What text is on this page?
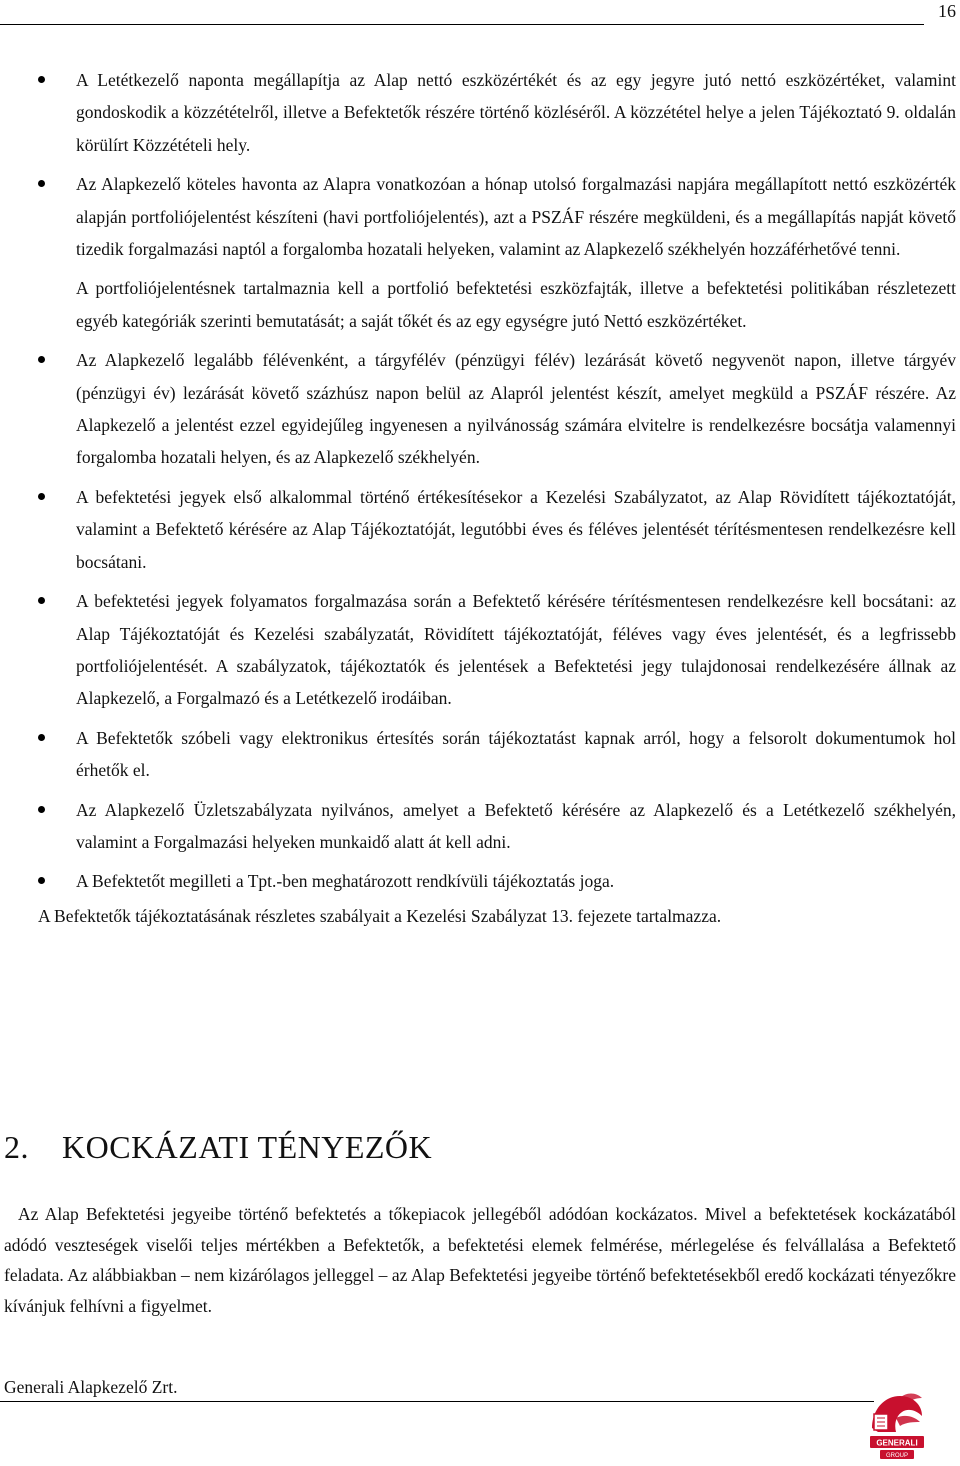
16

A Letétkezelő naponta megállapítja az Alap nettó eszközértékét és az egy jegyre jutó nettó eszközértéket, valamint gondoskodik a közzétételről, illetve a Befektetők részére történő közléséről. A közzététel helye a jelen Tájékoztató 9. oldalán körülírt Közzétételi hely.

Az Alapkezelő köteles havonta az Alapra vonatkozóan a hónap utolsó forgalmazási napjára megállapított nettó eszközérték alapján portfoliójelentést készíteni (havi portfoliójelentés), azt a PSZÁF részére megküldeni, és a megállapítás napját követő tizedik forgalmazási naptól a forgalomba hozatali helyeken, valamint az Alapkezelő székhelyén hozzáférhetővé tenni.

A portfoliójelentésnek tartalmaznia kell a portfolió befektetési eszközfajták, illetve a befektetési politikában részletezett egyéb kategóriák szerinti bemutatását; a saját tőkét és az egy egységre jutó Nettó eszközértéket.

Az Alapkezelő legalább félévenként, a tárgyfélév (pénzügyi félév) lezárását követő negyvenöt napon, illetve tárgyév (pénzügyi év) lezárását követő százhúsz napon belül az Alapról jelentést készít, amelyet megküld a PSZÁF részére. Az Alapkezelő a jelentést ezzel egyidejűleg ingyenesen a nyilvánosság számára elvitelre is rendelkezésre bocsátja valamennyi forgalomba hozatali helyen, és az Alapkezelő székhelyén.

A befektetési jegyek első alkalommal történő értékesítésekor a Kezelési Szabályzatot, az Alap Rövidített tájékoztatóját, valamint a Befektető kérésére az Alap Tájékoztatóját, legutóbbi éves és féléves jelentését térítésmentesen rendelkezésre kell bocsátani.

A befektetési jegyek folyamatos forgalmazása során a Befektető kérésére térítésmentesen rendelkezésre kell bocsátani: az Alap Tájékoztatóját és Kezelési szabályzatát, Rövidített tájékoztatóját, féléves vagy éves jelentését, és a legfrissebb portfoliójelentését. A szabályzatok, tájékoztatók és jelentések a Befektetési jegy tulajdonosai rendelkezésére állnak az Alapkezelő, a Forgalmazó és a Letétkezelő irodáiban.

A Befektetők szóbeli vagy elektronikus értesítés során tájékoztatást kapnak arról, hogy a felsorolt dokumentumok hol érhetők el.

Az Alapkezelő Üzletszabályzata nyilvános, amelyet a Befektető kérésére az Alapkezelő és a Letétkezelő székhelyén, valamint a Forgalmazási helyeken munkaidő alatt át kell adni.

A Befektetőt megilleti a Tpt.-ben meghatározott rendkívüli tájékoztatás joga.

A Befektetők tájékoztatásának részletes szabályait a Kezelési Szabályzat 13. fejezete tartalmazza.

2. KOCKÁZATI TÉNYEZŐK

Az Alap Befektetési jegyeibe történő befektetés a tőkepiacok jellegéből adódóan kockázatos. Mivel a befektetések kockázatából adódó veszteségek viselői teljes mértékben a Befektetők, a befektetési elemek felmérése, mérlegelése és felvállalása a Befektető feladata. Az alábbiakban – nem kizárólagos jelleggel – az Alap Befektetési jegyeibe történő befektetésekből eredő kockázati tényezőkre kívánjuk felhívni a figyelmet.

Generali Alapkezelő Zrt.
GENERALI
GROUP
